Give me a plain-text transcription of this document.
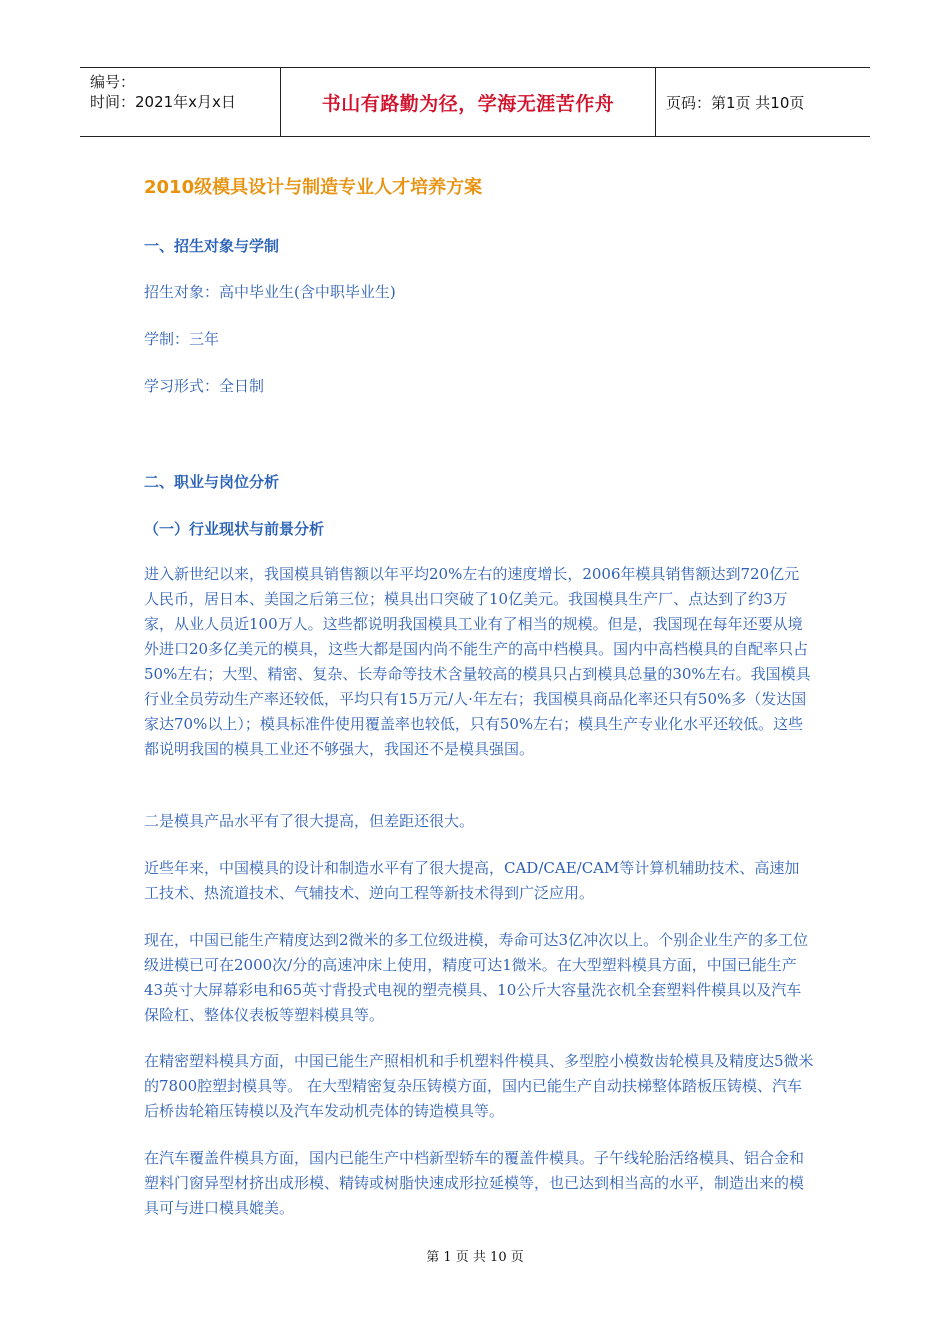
编号：
时间：2021年x月x日	书山有路勤为径，学海无涯苦作舟	页码：第1页 共10页
2010级模具设计与制造专业人才培养方案
一、招生对象与学制
招生对象：高中毕业生(含中职毕业生)
学制：三年
学习形式：全日制
二、职业与岗位分析
（一）行业现状与前景分析
进入新世纪以来，我国模具销售额以年平均20%左右的速度增长，2006年模具销售额达到720亿元人民币，居日本、美国之后第三位；模具出口突破了10亿美元。我国模具生产厂、点达到了约3万家，从业人员近100万人。这些都说明我国模具工业有了相当的规模。但是，我国现在每年还要从境外进口20多亿美元的模具，这些大都是国内尚不能生产的高中档模具。国内中高档模具的自配率只占50%左右；大型、精密、复杂、长寿命等技术含量较高的模具只占到模具总量的30%左右。我国模具行业全员劳动生产率还较低，平均只有15万元/人·年左右；我国模具商品化率还只有50%多（发达国家达70%以上）；模具标准件使用覆盖率也较低，只有50%左右；模具生产专业化水平还较低。这些都说明我国的模具工业还不够强大，我国还不是模具强国。
二是模具产品水平有了很大提高，但差距还很大。
近些年来，中国模具的设计和制造水平有了很大提高，CAD/CAE/CAM等计算机辅助技术、高速加工技术、热流道技术、气辅技术、逆向工程等新技术得到广泛应用。
现在，中国已能生产精度达到2微米的多工位级进模，寿命可达3亿冲次以上。个别企业生产的多工位级进模已可在2000次/分的高速冲床上使用，精度可达1微米。在大型塑料模具方面，中国已能生产43英寸大屏幕彩电和65英寸背投式电视的塑壳模具、10公斤大容量洗衣机全套塑料件模具以及汽车保险杠、整体仪表板等塑料模具等。
在精密塑料模具方面，中国已能生产照相机和手机塑料件模具、多型腔小模数齿轮模具及精度达5微米的7800腔塑封模具等。 在大型精密复杂压铸模方面，国内已能生产自动扶梯整体踏板压铸模、汽车后桥齿轮箱压铸模以及汽车发动机壳体的铸造模具等。
在汽车覆盖件模具方面，国内已能生产中档新型轿车的覆盖件模具。子午线轮胎活络模具、铝合金和塑料门窗异型材挤出成形模、精铸或树脂快速成形拉延模等，也已达到相当高的水平，制造出来的模具可与进口模具媲美。
第 1 页 共 10 页
